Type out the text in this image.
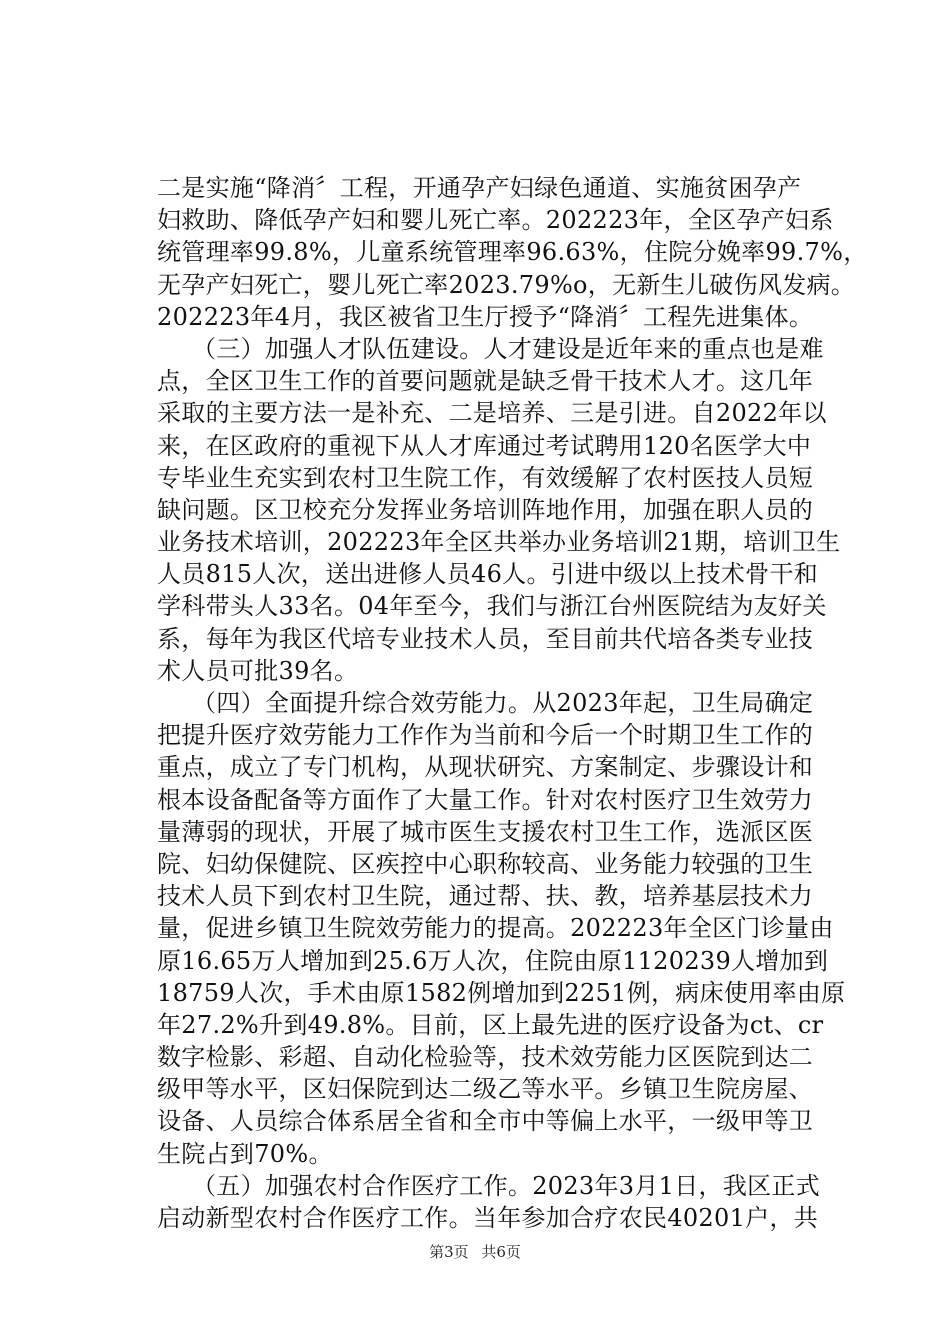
二是实施“降消〞工程，开通孕产妇绿色通道、实施贫困孕产
妇救助、降低孕产妇和婴儿死亡率。202223年，全区孕产妇系
统管理率99.8%，儿童系统管理率96.63%，住院分娩率99.7%，
无孕产妇死亡，婴儿死亡率2023.79%o，无新生儿破伤风发病。
202223年4月，我区被省卫生厅授予“降消〞工程先进集体。
（三）加强人才队伍建设。人才建设是近年来的重点也是难
点，全区卫生工作的首要问题就是缺乏骨干技术人才。这几年
采取的主要方法一是补充、二是培养、三是引进。自2022年以
来，在区政府的重视下从人才库通过考试聘用120名医学大中
专毕业生充实到农村卫生院工作，有效缓解了农村医技人员短
缺问题。区卫校充分发挥业务培训阵地作用，加强在职人员的
业务技术培训，202223年全区共举办业务培训21期，培训卫生
人员815人次，送出进修人员46人。引进中级以上技术骨干和
学科带头人33名。04年至今，我们与浙江台州医院结为友好关
系，每年为我区代培专业技术人员，至目前共代培各类专业技
术人员可批39名。
（四）全面提升综合效劳能力。从2023年起，卫生局确定
把提升医疗效劳能力工作作为当前和今后一个时期卫生工作的
重点，成立了专门机构，从现状研究、方案制定、步骤设计和
根本设备配备等方面作了大量工作。针对农村医疗卫生效劳力
量薄弱的现状，开展了城市医生支援农村卫生工作，选派区医
院、妇幼保健院、区疾控中心职称较高、业务能力较强的卫生
技术人员下到农村卫生院，通过帮、扶、教，培养基层技术力
量，促进乡镇卫生院效劳能力的提高。202223年全区门诊量由
原16.65万人增加到25.6万人次，住院由原1120239人增加到
18759人次，手术由原1582例增加到2251例，病床使用率由原
年27.2%升到49.8%。目前，区上最先进的医疗设备为ct、cr
数字检影、彩超、自动化检验等，技术效劳能力区医院到达二
级甲等水平，区妇保院到达二级乙等水平。乡镇卫生院房屋、
设备、人员综合体系居全省和全市中等偏上水平，一级甲等卫
生院占到70%。
（五）加强农村合作医疗工作。2023年3月1日，我区正式
启动新型农村合作医疗工作。当年参加合疗农民40201户，共
第3页 共6页
